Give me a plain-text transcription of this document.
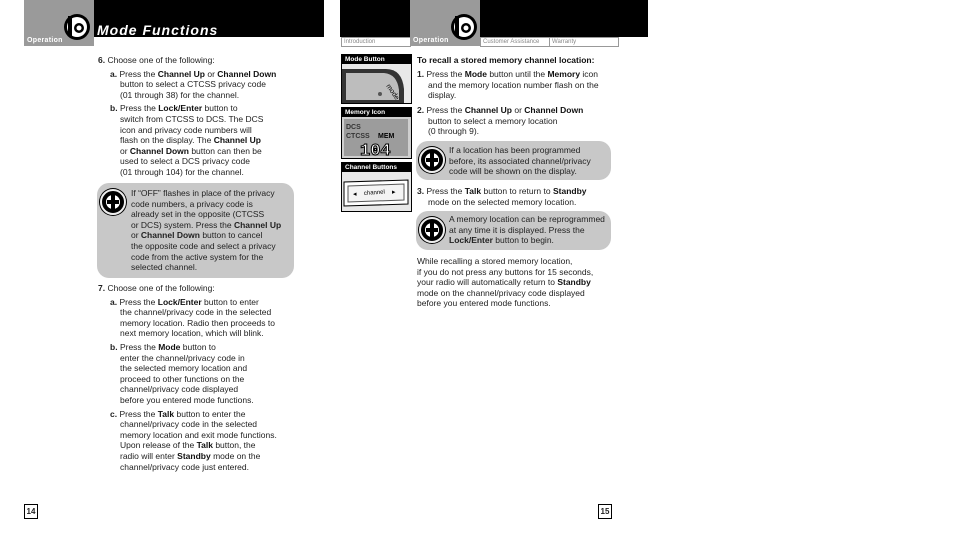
Operation
Mode Functions
Operation
Introduction	Customer Assistance	Warranty
6. Choose one of the following:
a. Press the Channel Up or Channel Down
button to select a CTCSS privacy code
(01 through 38) for the channel.
b. Press the Lock/Enter button to
switch from CTCSS to DCS. The DCS
icon and privacy code numbers will
flash on the display. The Channel Up
or Channel Down button can then be
used to select a DCS privacy code
(01 through 104) for the channel.
If “OFF” flashes in place of the privacy
code numbers, a privacy code is
already set in the opposite (CTCSS
or DCS) system. Press the Channel Up
or Channel Down button to cancel
the opposite code and select a privacy
code from the active system for the
selected channel.
7. Choose one of the following:
a. Press the Lock/Enter button to enter
the channel/privacy code in the selected
memory location. Radio then proceeds to
next memory location, which will blink.
b. Press the Mode button to
enter the channel/privacy code in
the selected memory location and
proceed to other functions on the
channel/privacy code displayed
before you entered mode functions.
c. Press the Talk button to enter the
channel/privacy code in the selected
memory location and exit mode functions.
Upon release of the Talk button, the
radio will enter Standby mode on the
channel/privacy code just entered.
14
Mode Button
mode
Memory Icon
DCS
CTCSS MEM
104
Channel Buttons
channel
◂	▸
To recall a stored memory channel location:
1. Press the Mode button until the Memory icon
and the memory location number flash on the
display.
2. Press the Channel Up or Channel Down
button to select a memory location
(0 through 9).
If a location has been programmed
before, its associated channel/privacy
code will be shown on the display.
3. Press the Talk button to return to Standby
mode on the selected memory location.
A memory location can be reprogrammed
at any time it is displayed. Press the
Lock/Enter button to begin.
While recalling a stored memory location,
if you do not press any buttons for 15 seconds,
your radio will automatically return to Standby
mode on the channel/privacy code displayed
before you entered mode functions.
15
